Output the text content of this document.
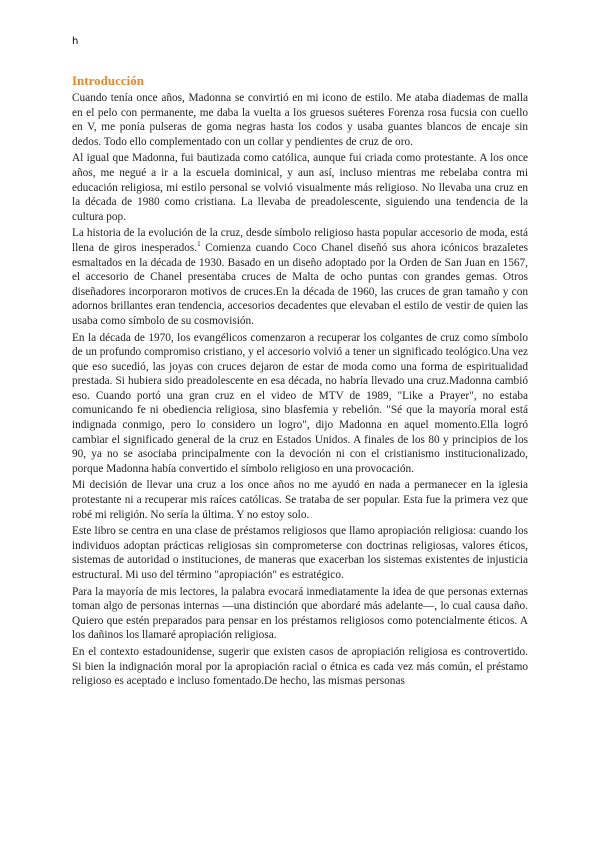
h
Introducción

Cuando tenía once años, Madonna se convirtió en mi icono de estilo. Me ataba diademas de malla en el pelo con permanente, me daba la vuelta a los gruesos suéteres Forenza rosa fucsia con cuello en V, me ponía pulseras de goma negras hasta los codos y usaba guantes blancos de encaje sin dedos. Todo ello complementado con un collar y pendientes de cruz de oro.

Al igual que Madonna, fui bautizada como católica, aunque fui criada como protestante. A los once años, me negué a ir a la escuela dominical, y aun así, incluso mientras me rebelaba contra mi educación religiosa, mi estilo personal se volvió visualmente más religioso. No llevaba una cruz en la década de 1980 como cristiana. La llevaba de preadolescente, siguiendo una tendencia de la cultura pop.

La historia de la evolución de la cruz, desde símbolo religioso hasta popular accesorio de moda, está llena de giros inesperados.$^1$ Comienza cuando Coco Chanel diseñó sus ahora icónicos brazaletes esmaltados en la década de 1930. Basado en un diseño adoptado por la Orden de San Juan en 1567, el accesorio de Chanel presentaba cruces de Malta de ocho puntas con grandes gemas. Otros diseñadores incorporaron motivos de cruces.En la década de 1960, las cruces de gran tamaño y con adornos brillantes eran tendencia, accesorios decadentes que elevaban el estilo de vestir de quien las usaba como símbolo de su cosmovisión.

En la década de 1970, los evangélicos comenzaron a recuperar los colgantes de cruz como símbolo de un profundo compromiso cristiano, y el accesorio volvió a tener un significado teológico.Una vez que eso sucedió, las joyas con cruces dejaron de estar de moda como una forma de espiritualidad prestada. Si hubiera sido preadolescente en esa década, no habría llevado una cruz.Madonna cambió eso. Cuando portó una gran cruz en el video de MTV de 1989, "Like a Prayer", no estaba comunicando fe ni obediencia religiosa, sino blasfemia y rebelión. "Sé que la mayoría moral está indignada conmigo, pero lo considero un logro", dijo Madonna en aquel momento.Ella logró cambiar el significado general de la cruz en Estados Unidos. A finales de los 80 y principios de los 90, ya no se asociaba principalmente con la devoción ni con el cristianismo institucionalizado, porque Madonna había convertido el símbolo religioso en una provocación.

Mi decisión de llevar una cruz a los once años no me ayudó en nada a permanecer en la iglesia protestante ni a recuperar mis raíces católicas. Se trataba de ser popular. Esta fue la primera vez que robé mi religión. No sería la última. Y no estoy solo.

Este libro se centra en una clase de préstamos religiosos que llamo apropiación religiosa: cuando los individuos adoptan prácticas religiosas sin comprometerse con doctrinas religiosas, valores éticos, sistemas de autoridad o instituciones, de maneras que exacerban los sistemas existentes de injusticia estructural. Mi uso del término "apropiación" es estratégico.

Para la mayoría de mis lectores, la palabra evocará inmediatamente la idea de que personas externas toman algo de personas internas —una distinción que abordaré más adelante—, lo cual causa daño. Quiero que estén preparados para pensar en los préstamos religiosos como potencialmente éticos. A los dañinos los llamaré apropiación religiosa.

En el contexto estadounidense, sugerir que existen casos de apropiación religiosa es controvertido. Si bien la indignación moral por la apropiación racial o étnica es cada vez más común, el préstamo religioso es aceptado e incluso fomentado.De hecho, las mismas personas
